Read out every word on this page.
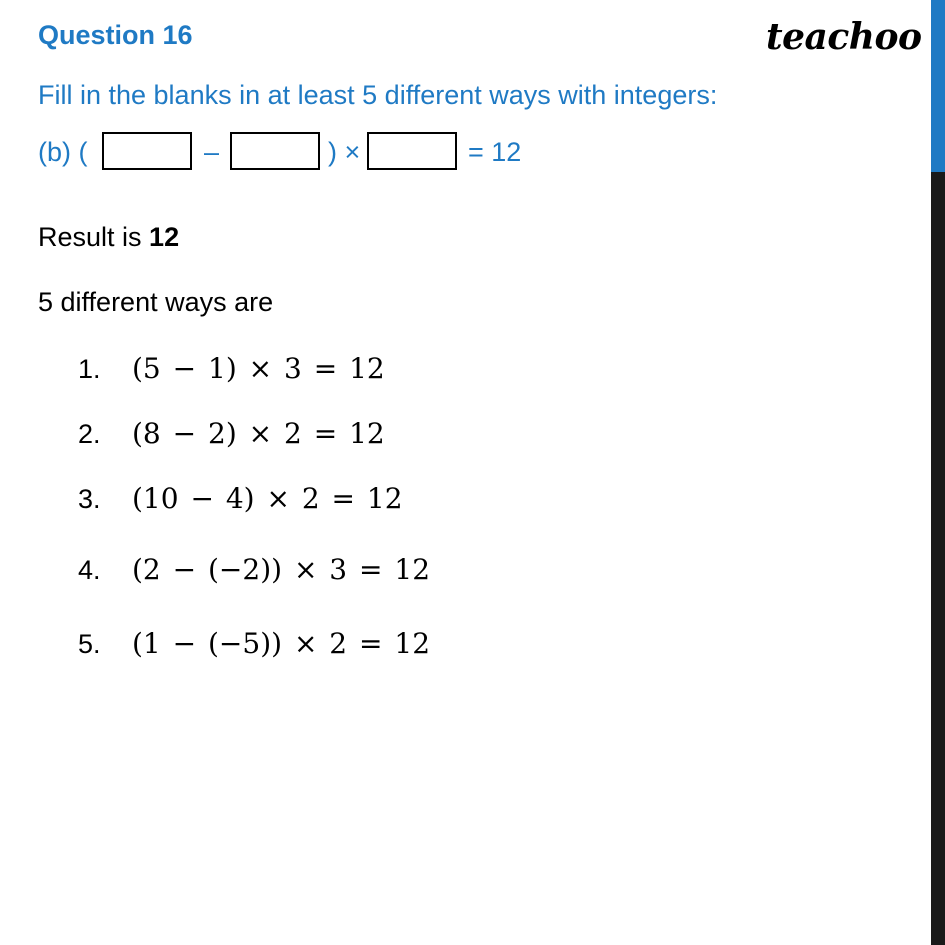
Question 16	teachoo
Fill in the blanks in at least 5 different ways with integers:
(b) (	–	) ×	= 12
Result is 12
5 different ways are
1. (5 − 1) × 3 = 12
2. (8 − 2) × 2 = 12
3. (10 − 4) × 2 = 12
4. (2 − (−2)) × 3 = 12
5. (1 − (−5)) × 2 = 12
